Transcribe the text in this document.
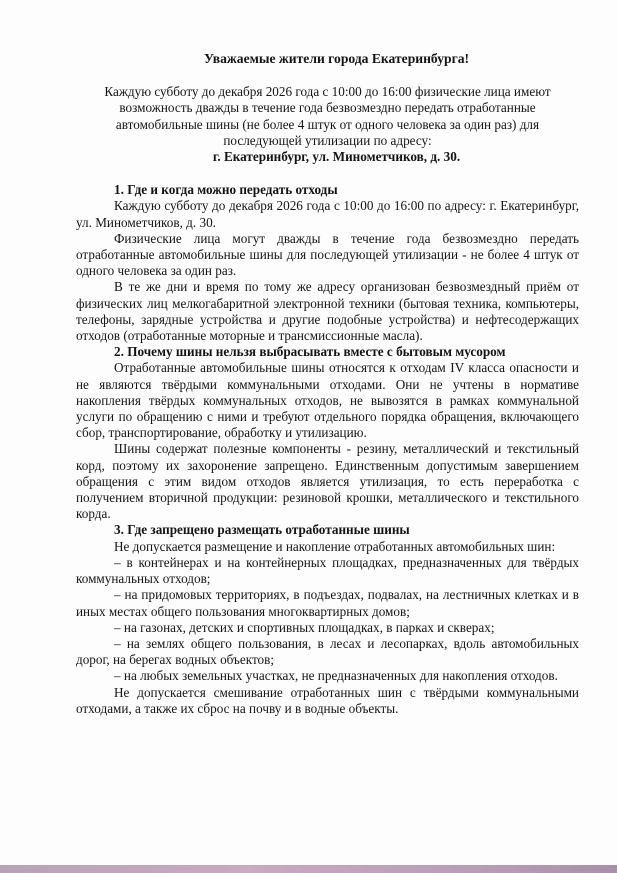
Уважаемые жители города Екатеринбурга!

Каждую субботу до декабря 2026 года с 10:00 до 16:00 физические лица имеют возможность дважды в течение года безвозмездно передать отработанные автомобильные шины (не более 4 штук от одного человека за один раз) для последующей утилизации по адресу:

г. Екатеринбург, ул. Минометчиков, д. 30.

1. Где и когда можно передать отходы

Каждую субботу до декабря 2026 года с 10:00 до 16:00 по адресу: г. Екатеринбург, ул. Минометчиков, д. 30.

Физические лица могут дважды в течение года безвозмездно передать отработанные автомобильные шины для последующей утилизации - не более 4 штук от одного человека за один раз.

В те же дни и время по тому же адресу организован безвозмездный приём от физических лиц мелкогабаритной электронной техники (бытовая техника, компьютеры, телефоны, зарядные устройства и другие подобные устройства) и нефтесодержащих отходов (отработанные моторные и трансмиссионные масла).

2. Почему шины нельзя выбрасывать вместе с бытовым мусором

Отработанные автомобильные шины относятся к отходам IV класса опасности и не являются твёрдыми коммунальными отходами. Они не учтены в нормативе накопления твёрдых коммунальных отходов, не вывозятся в рамках коммунальной услуги по обращению с ними и требуют отдельного порядка обращения, включающего сбор, транспортирование, обработку и утилизацию.

Шины содержат полезные компоненты - резину, металлический и текстильный корд, поэтому их захоронение запрещено. Единственным допустимым завершением обращения с этим видом отходов является утилизация, то есть переработка с получением вторичной продукции: резиновой крошки, металлического и текстильного корда.

3. Где запрещено размещать отработанные шины

Не допускается размещение и накопление отработанных автомобильных шин:

– в контейнерах и на контейнерных площадках, предназначенных для твёрдых коммунальных отходов;

– на придомовых территориях, в подъездах, подвалах, на лестничных клетках и в иных местах общего пользования многоквартирных домов;

– на газонах, детских и спортивных площадках, в парках и скверах;

– на землях общего пользования, в лесах и лесопарках, вдоль автомобильных дорог, на берегах водных объектов;

– на любых земельных участках, не предназначенных для накопления отходов.

Не допускается смешивание отработанных шин с твёрдыми коммунальными отходами, а также их сброс на почву и в водные объекты.
